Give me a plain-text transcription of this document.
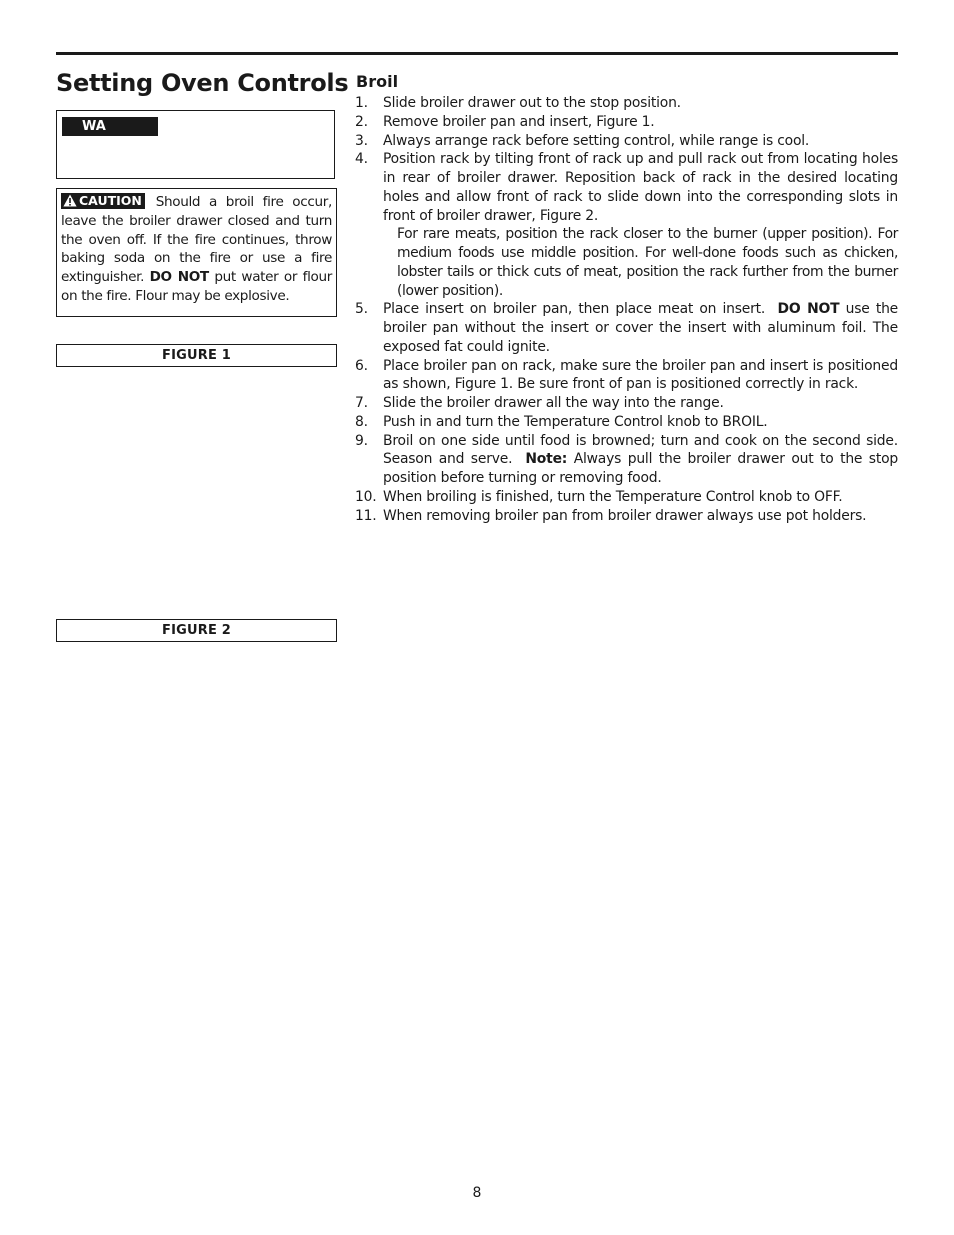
Setting Oven Controls
WA
CAUTION Should a broil fire occur, leave the broiler drawer closed and turn the oven off. If the fire continues, throw baking soda on the fire or use a fire extinguisher. DO NOT put water or flour on the fire. Flour may be explosive.
FIGURE 1
FIGURE 2
Broil
1.	Slide broiler drawer out to the stop position.
2.	Remove broiler pan and insert, Figure 1.
3.	Always arrange rack before setting control, while range is cool.
4.	Position rack by tilting front of rack up and pull rack out from locating holes in rear of broiler drawer. Reposition back of rack in the desired locating holes and allow front of rack to slide down into the corresponding slots in front of broiler drawer, Figure 2.
For rare meats, position the rack closer to the burner (upper position). For medium foods use middle position. For well-done foods such as chicken, lobster tails or thick cuts of meat, position the rack further from the burner (lower position).
5.	Place insert on broiler pan, then place meat on insert. DO NOT use the broiler pan without the insert or cover the insert with aluminum foil. The exposed fat could ignite.
6.	Place broiler pan on rack, make sure the broiler pan and insert is positioned as shown, Figure 1. Be sure front of pan is positioned correctly in rack.
7.	Slide the broiler drawer all the way into the range.
8.	Push in and turn the Temperature Control knob to BROIL.
9.	Broil on one side until food is browned; turn and cook on the second side. Season and serve. Note: Always pull the broiler drawer out to the stop position before turning or removing food.
10. When broiling is finished, turn the Temperature Control knob to OFF.
11. When removing broiler pan from broiler drawer always use pot holders.
8
